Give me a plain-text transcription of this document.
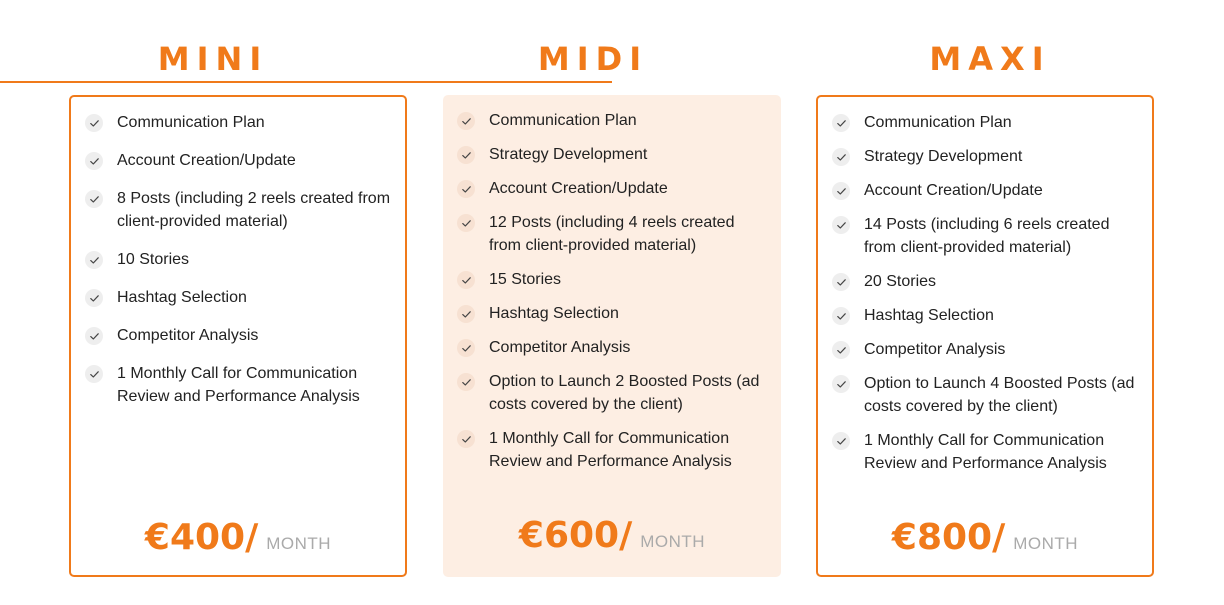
MINI	MIDI	MAXI
Communication Plan
Account Creation/Update
8 Posts (including 2 reels created from client-provided material)
10 Stories
Hashtag Selection
Competitor Analysis
1 Monthly Call for Communication Review and Performance Analysis
€400/ MONTH
Communication Plan
Strategy Development
Account Creation/Update
12 Posts (including 4 reels created from client-provided material)
15 Stories
Hashtag Selection
Competitor Analysis
Option to Launch 2 Boosted Posts (ad costs covered by the client)
1 Monthly Call for Communication Review and Performance Analysis
€600/ MONTH
Communication Plan
Strategy Development
Account Creation/Update
14 Posts (including 6 reels created from client-provided material)
20 Stories
Hashtag Selection
Competitor Analysis
Option to Launch 4 Boosted Posts (ad costs covered by the client)
1 Monthly Call for Communication Review and Performance Analysis
€800/ MONTH
